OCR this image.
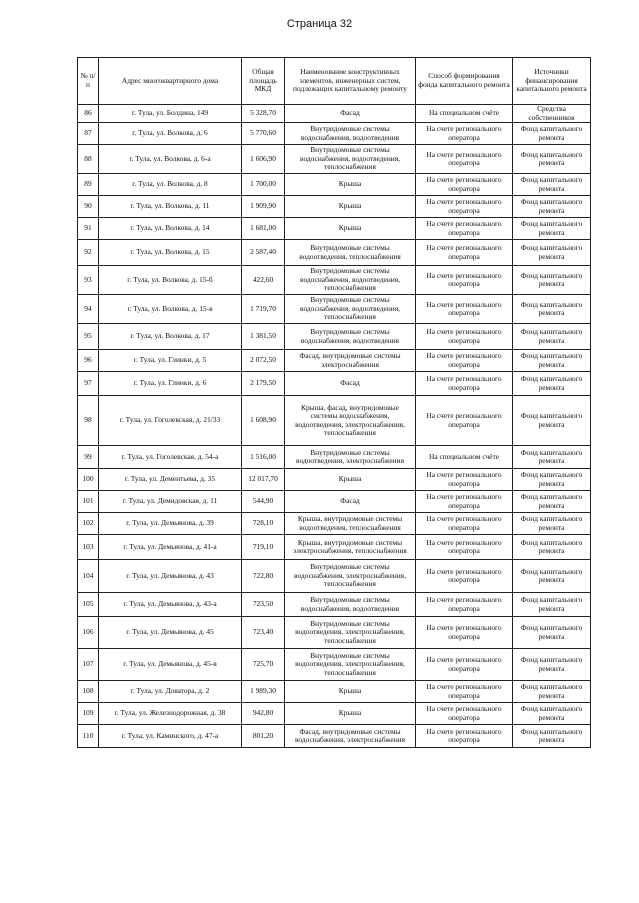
Страница 32
№ п/п	Адрес многоквартирного дома	Общая площадь МКД	Наименование конструктивных элементов, инженерных систем, подлежащих капитальному ремонту	Способ формирования фонда капитального ремонта	Источники финансирования капитального ремонта
86	г. Тула, ул. Болдина, 149	5 328,70	Фасад	На специальном счёте	Средства собственников
87	г. Тула, ул. Волкова, д. 6	5 770,60	Внутридомовые системы водоснабжения, водоотведения	На счете регионального оператора	Фонд капитального ремонта
88	г. Тула, ул. Волкова, д. 6-а	1 606,90	Внутридомовые системы водоснабжения, водоотведения, теплоснабжения	На счете регионального оператора	Фонд капитального ремонта
89	г. Тула, ул. Волкова, д. 8	1 700,00	Крыша	На счете регионального оператора	Фонд капитального ремонта
90	г. Тула, ул. Волкова, д. 11	1 909,90	Крыша	На счете регионального оператора	Фонд капитального ремонта
91	г. Тула, ул. Волкова, д. 14	1 681,00	Крыша	На счете регионального оператора	Фонд капитального ремонта
92	г. Тула, ул. Волкова, д. 15	2 587,40	Внутридомовые системы водоотведения, теплоснабжения	На счете регионального оператора	Фонд капитального ремонта
93	г. Тула, ул. Волкова, д. 15-б	422,60	Внутридомовые системы водоснабжения, водоотведения, теплоснабжения	На счете регионального оператора	Фонд капитального ремонта
94	г. Тула, ул. Волкова, д. 15-в	1 719,70	Внутридомовые системы водоснабжения, водоотведения, теплоснабжения	На счете регионального оператора	Фонд капитального ремонта
95	г. Тула, ул. Волкова, д. 17	1 381,50	Внутридомовые системы водоснабжения, водоотведения	На счете регионального оператора	Фонд капитального ремонта
96	г. Тула, ул. Глинки, д. 5	2 072,50	Фасад, внутридомовые системы электроснабжения	На счете регионального оператора	Фонд капитального ремонта
97	г. Тула, ул. Глинки, д. 6	2 179,50	Фасад	На счете регионального оператора	Фонд капитального ремонта
98	г. Тула, ул. Гоголевская, д. 21/33	1 608,90	Крыша, фасад, внутридомовые системы водоснабжения, водоотведения, электроснабжения, теплоснабжения	На счете регионального оператора	Фонд капитального ремонта
99	г. Тула, ул. Гоголевская, д. 54-а	1 516,00	Внутридомовые системы водоотведения, электроснабжения	На специальном счёте	Фонд капитального ремонта
100	г. Тула, ул. Дементьева, д. 35	12 017,70	Крыша	На счете регионального оператора	Фонд капитального ремонта
101	г. Тула, ул. Демидовская, д. 11	544,90	Фасад	На счете регионального оператора	Фонд капитального ремонта
102	г. Тула, ул. Демьянова, д. 39	728,10	Крыша, внутридомовые системы водоотведения, теплоснабжения	На счете регионального оператора	Фонд капитального ремонта
103	г. Тула, ул. Демьянова, д. 41-а	719,10	Крыша, внутридомовые системы электроснабжения, теплоснабжения	На счете регионального оператора	Фонд капитального ремонта
104	г. Тула, ул. Демьянова, д. 43	722,80	Внутридомовые системы водоснабжения, электроснабжения, теплоснабжения	На счете регионального оператора	Фонд капитального ремонта
105	г. Тула, ул. Демьянова, д. 43-а	723,50	Внутридомовые системы водоснабжения, водоотведения	На счете регионального оператора	Фонд капитального ремонта
106	г. Тула, ул. Демьянова, д. 45	723,40	Внутридомовые системы водоотведения, электроснабжения, теплоснабжения	На счете регионального оператора	Фонд капитального ремонта
107	г. Тула, ул. Демьянова, д. 45-в	725,70	Внутридомовые системы водоотведения, электроснабжения, теплоснабжения	На счете регионального оператора	Фонд капитального ремонта
108	г. Тула, ул. Доватора, д. 2	1 989,30	Крыша	На счете регионального оператора	Фонд капитального ремонта
109	г. Тула, ул. Железнодорожная, д. 38	942,80	Крыша	На счете регионального оператора	Фонд капитального ремонта
110	г. Тула, ул. Каминского, д. 47-а	801,20	Фасад, внутридомовые системы водоснабжения, электроснабжения	На счете регионального оператора	Фонд капитального ремонта
